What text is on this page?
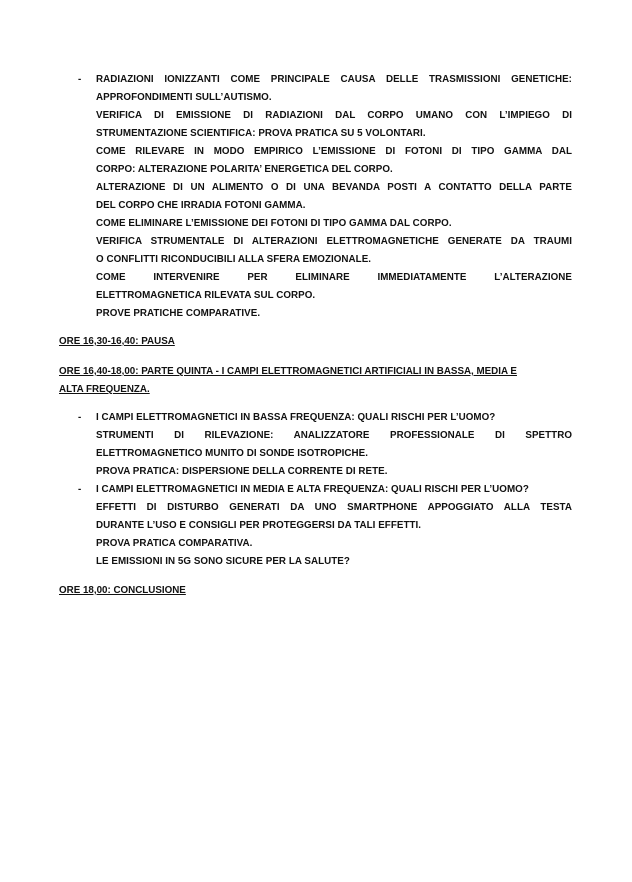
- RADIAZIONI IONIZZANTI COME PRINCIPALE CAUSA DELLE TRASMISSIONI GENETICHE:
APPROFONDIMENTI SULL’AUTISMO.
VERIFICA DI EMISSIONE DI RADIAZIONI DAL CORPO UMANO CON L’IMPIEGO DI
STRUMENTAZIONE SCIENTIFICA: PROVA PRATICA SU 5 VOLONTARI.
COME RILEVARE IN MODO EMPIRICO L’EMISSIONE DI FOTONI DI TIPO GAMMA DAL
CORPO: ALTERAZIONE POLARITA’ ENERGETICA DEL CORPO.
ALTERAZIONE DI UN ALIMENTO O DI UNA BEVANDA POSTI A CONTATTO DELLA PARTE
DEL CORPO CHE IRRADIA FOTONI GAMMA.
COME ELIMINARE L’EMISSIONE DEI FOTONI DI TIPO GAMMA DAL CORPO.
VERIFICA STRUMENTALE DI ALTERAZIONI ELETTROMAGNETICHE GENERATE DA TRAUMI
O CONFLITTI RICONDUCIBILI ALLA SFERA EMOZIONALE.
COME INTERVENIRE PER ELIMINARE IMMEDIATAMENTE L’ALTERAZIONE
ELETTROMAGNETICA RILEVATA SUL CORPO.
PROVE PRATICHE COMPARATIVE.
ORE 16,30-16,40: PAUSA
ORE 16,40-18,00: PARTE QUINTA - I CAMPI ELETTROMAGNETICI ARTIFICIALI IN BASSA, MEDIA E
ALTA FREQUENZA.
- I CAMPI ELETTROMAGNETICI IN BASSA FREQUENZA: QUALI RISCHI PER L’UOMO?
STRUMENTI DI RILEVAZIONE: ANALIZZATORE PROFESSIONALE DI SPETTRO
ELETTROMAGNETICO MUNITO DI SONDE ISOTROPICHE.
PROVA PRATICA: DISPERSIONE DELLA CORRENTE DI RETE.
- I CAMPI ELETTROMAGNETICI IN MEDIA E ALTA FREQUENZA: QUALI RISCHI PER L’UOMO?
EFFETTI DI DISTURBO GENERATI DA UNO SMARTPHONE APPOGGIATO ALLA TESTA
DURANTE L’USO E CONSIGLI PER PROTEGGERSI DA TALI EFFETTI.
PROVA PRATICA COMPARATIVA.
LE EMISSIONI IN 5G SONO SICURE PER LA SALUTE?
ORE 18,00: CONCLUSIONE
